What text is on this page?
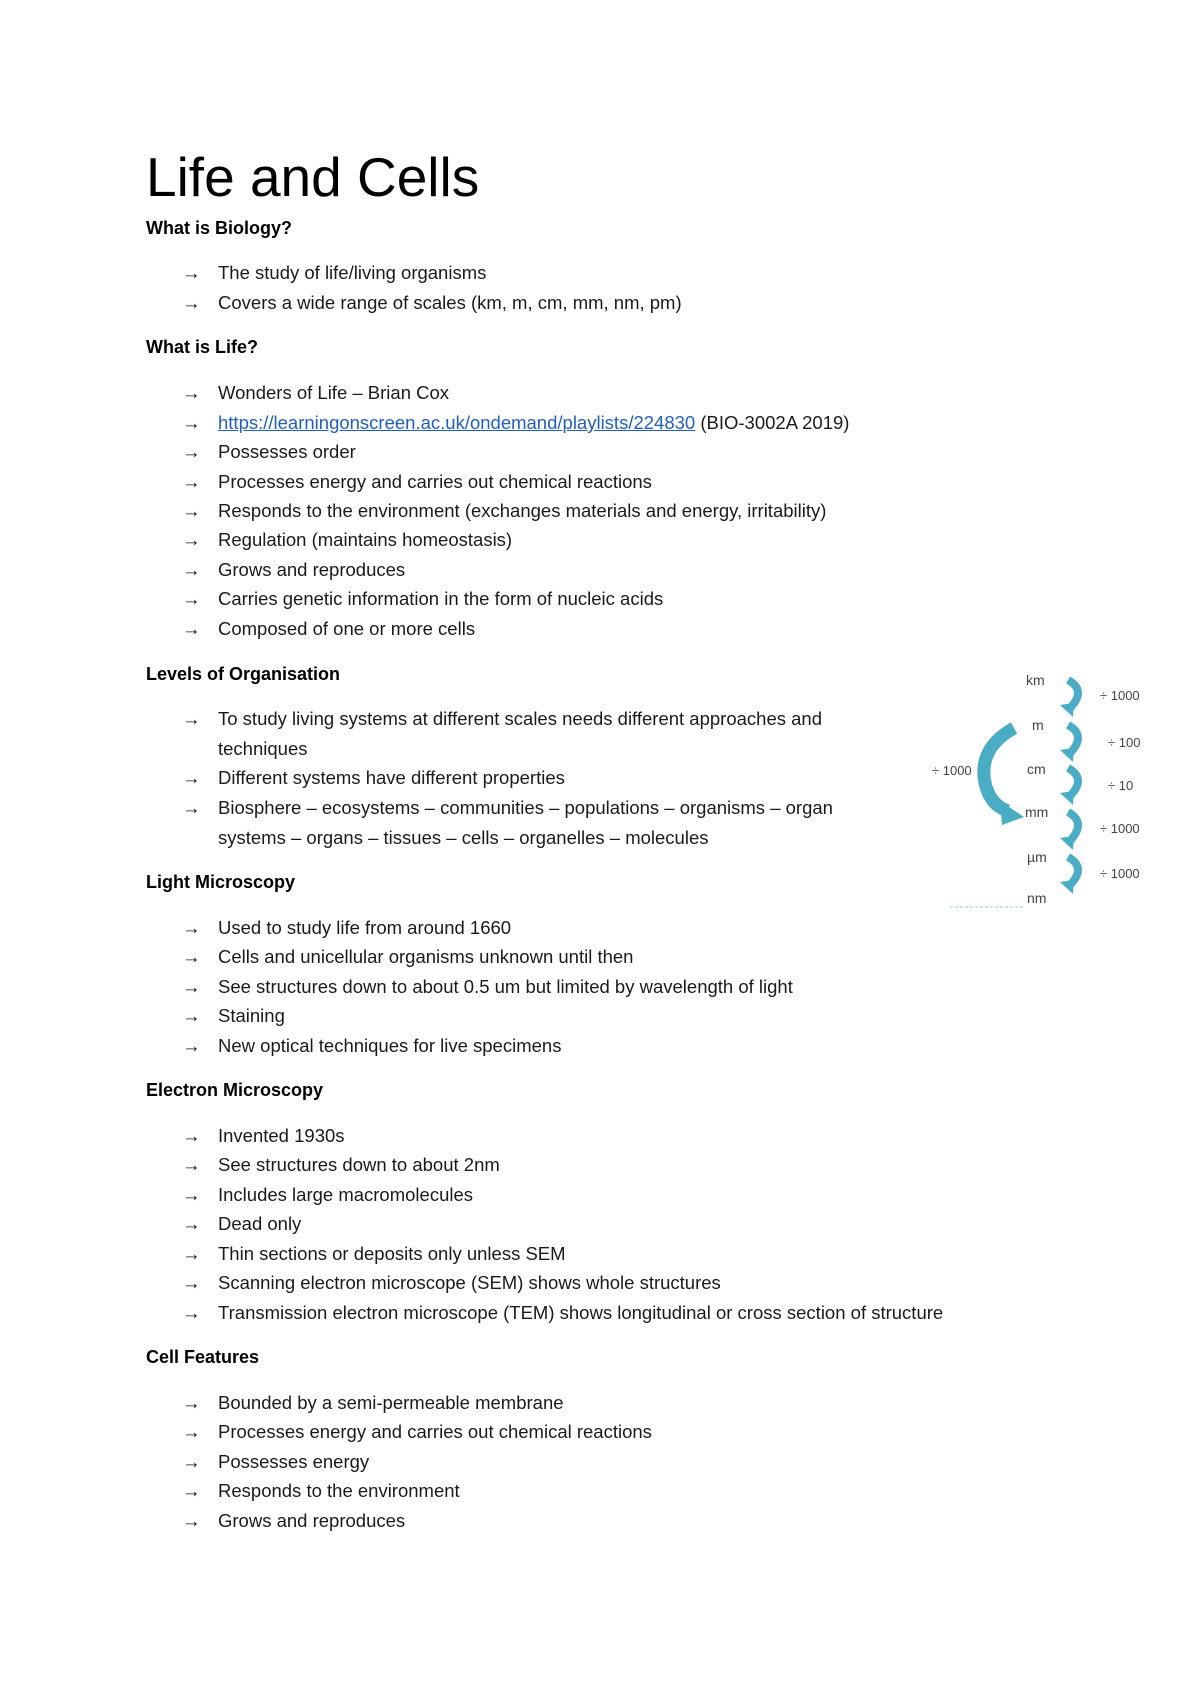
Life and Cells
What is Biology?
→ The study of life/living organisms
→ Covers a wide range of scales (km, m, cm, mm, nm, pm)
What is Life?
→ Wonders of Life – Brian Cox
→ https://learningonscreen.ac.uk/ondemand/playlists/224830 (BIO-3002A 2019)
→ Possesses order
→ Processes energy and carries out chemical reactions
→ Responds to the environment (exchanges materials and energy, irritability)
→ Regulation (maintains homeostasis)
→ Grows and reproduces
→ Carries genetic information in the form of nucleic acids
→ Composed of one or more cells
Levels of Organisation
→ To study living systems at different scales needs different approaches and techniques
→ Different systems have different properties
→ Biosphere – ecosystems – communities – populations – organisms – organ systems – organs – tissues – cells – organelles – molecules
Light Microscopy
→ Used to study life from around 1660
→ Cells and unicellular organisms unknown until then
→ See structures down to about 0.5 um but limited by wavelength of light
→ Staining
→ New optical techniques for live specimens
Electron Microscopy
→ Invented 1930s
→ See structures down to about 2nm
→ Includes large macromolecules
→ Dead only
→ Thin sections or deposits only unless SEM
→ Scanning electron microscope (SEM) shows whole structures
→ Transmission electron microscope (TEM) shows longitudinal or cross section of structure
Cell Features
→ Bounded by a semi-permeable membrane
→ Processes energy and carries out chemical reactions
→ Possesses energy
→ Responds to the environment
→ Grows and reproduces
km
m
cm
mm
µm
nm
÷ 1000
÷ 100
÷ 10
÷ 1000
÷ 1000
÷ 1000
